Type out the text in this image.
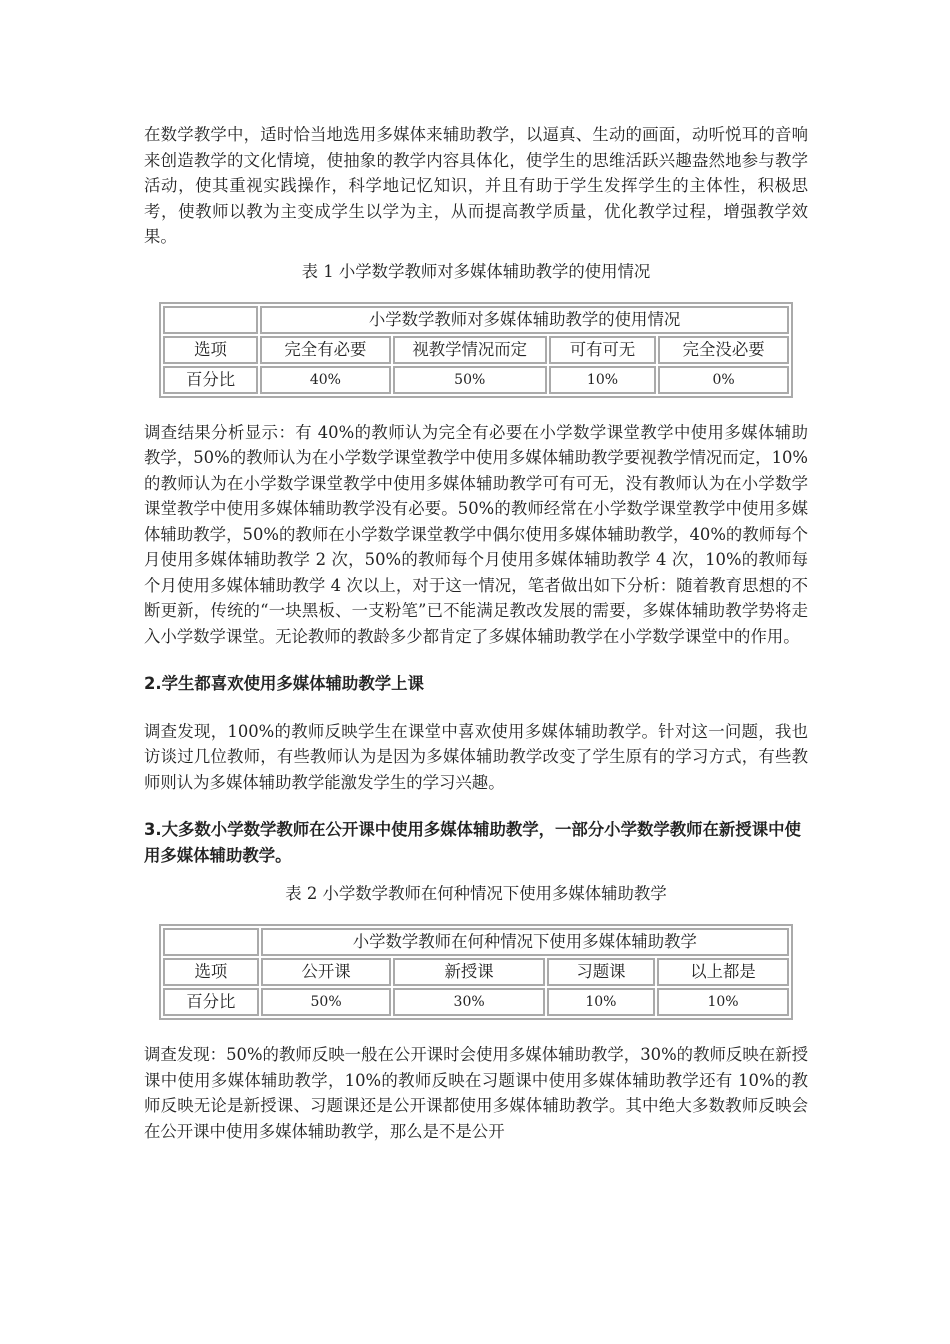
在数学教学中，适时恰当地选用多媒体来辅助教学，以逼真、生动的画面，动听悦耳的音响来创造教学的文化情境，使抽象的教学内容具体化，使学生的思维活跃兴趣盎然地参与教学活动，使其重视实践操作，科学地记忆知识，并且有助于学生发挥学生的主体性，积极思考，使教师以教为主变成学生以学为主，从而提高教学质量，优化教学过程，增强教学效果。

表 1 小学数学教师对多媒体辅助教学的使用情况
	小学数学教师对多媒体辅助教学的使用情况			
选项	完全有必要	视教学情况而定	可有可无	完全没必要
百分比	40%	50%	10%	0%

调查结果分析显示：有 40%的教师认为完全有必要在小学数学课堂教学中使用多媒体辅助教学，50%的教师认为在小学数学课堂教学中使用多媒体辅助教学要视教学情况而定，10%的教师认为在小学数学课堂教学中使用多媒体辅助教学可有可无，没有教师认为在小学数学课堂教学中使用多媒体辅助教学没有必要。50%的教师经常在小学数学课堂教学中使用多媒体辅助教学，50%的教师在小学数学课堂教学中偶尔使用多媒体辅助教学，40%的教师每个月使用多媒体辅助教学 2 次，50%的教师每个月使用多媒体辅助教学 4 次，10%的教师每个月使用多媒体辅助教学 4 次以上，对于这一情况，笔者做出如下分析：随着教育思想的不断更新，传统的“一块黑板、一支粉笔”已不能满足教改发展的需要，多媒体辅助教学势将走入小学数学课堂。无论教师的教龄多少都肯定了多媒体辅助教学在小学数学课堂中的作用。

2.学生都喜欢使用多媒体辅助教学上课

调查发现，100%的教师反映学生在课堂中喜欢使用多媒体辅助教学。针对这一问题，我也访谈过几位教师，有些教师认为是因为多媒体辅助教学改变了学生原有的学习方式，有些教师则认为多媒体辅助教学能激发学生的学习兴趣。

3.大多数小学数学教师在公开课中使用多媒体辅助教学，一部分小学数学教师在新授课中使用多媒体辅助教学。
表 2 小学数学教师在何种情况下使用多媒体辅助教学
	小学数学教师在何种情况下使用多媒体辅助教学			
选项	公开课	新授课	习题课	以上都是
百分比	50%	30%	10%	10%

调查发现：50%的教师反映一般在公开课时会使用多媒体辅助教学，30%的教师反映在新授课中使用多媒体辅助教学，10%的教师反映在习题课中使用多媒体辅助教学还有 10%的教师反映无论是新授课、习题课还是公开课都使用多媒体辅助教学。其中绝大多数教师反映会在公开课中使用多媒体辅助教学，那么是不是公开
